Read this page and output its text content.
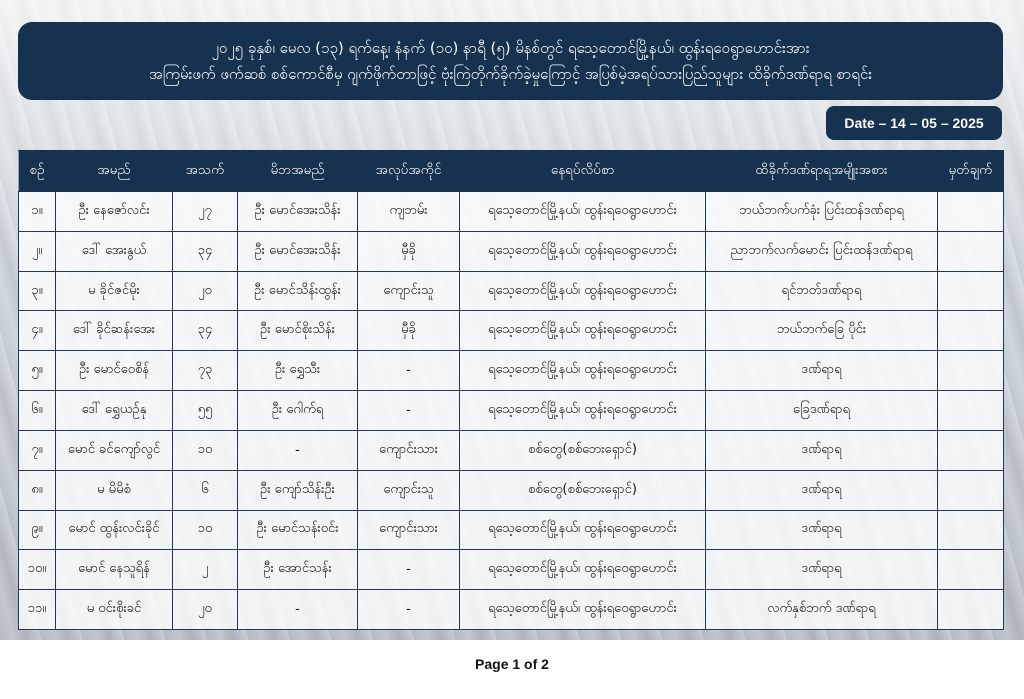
၂၀၂၅ ခုနှစ်၊ မေလ (၁၃) ရက်နေ့၊ နံနက် (၁၀) နာရီ (၅) မိနစ်တွင် ရသေ့တောင်မြို့နယ်၊ ထွန်းရဝေရွာဟောင်းအား
အကြမ်းဖက် ဖက်ဆစ် စစ်ကောင်စီမှ ဂျက်ဖိုက်တာဖြင့် ဗုံးကြဲတိုက်ခိုက်ခဲ့မှုကြောင့် အပြစ်မဲ့အရပ်သားပြည်သူများ ထိခိုက်ဒဏ်ရာရ စာရင်း
Date – 14 – 05 – 2025
စဉ်	အမည်	အသက်	မိဘအမည်	အလုပ်အကိုင်	နေရပ်လိပ်စာ	ထိခိုက်ဒဏ်ရာရအမျိုးအစား	မှတ်ချက်
၁။	ဦး နေဇော်လင်း	၂၇	ဦး မောင်အေးသိန်း	ကျဘမ်း	ရသေ့တောင်မြို့နယ်၊ ထွန်းရဝေရွာဟောင်း	ဘယ်ဘက်ပက်ခုံး ပြင်းထန်ဒဏ်ရာရ	
၂။	ဒေါ် အေးနွယ်	၃၄	ဦး မောင်အေးသိန်း	မှီခို	ရသေ့တောင်မြို့နယ်၊ ထွန်းရဝေရွာဟောင်း	ညာဘက်လက်မောင်း ပြင်းထန်ဒဏ်ရာရ	
၃။	မ ခိုင်ဇင်မိုး	၂၀	ဦး မောင်သိန်းထွန်း	ကျောင်းသူ	ရသေ့တောင်မြို့နယ်၊ ထွန်းရဝေရွာဟောင်း	ရင်ဘတ်ဒဏ်ရာရ	
၄။	ဒေါ် ခိုင်ဆန်းအေး	၃၄	ဦး မောင်စိုးသိန်း	မှီခို	ရသေ့တောင်မြို့နယ်၊ ထွန်းရဝေရွာဟောင်း	ဘယ်ဘက်ခြေ ပိုင်း	
၅။	ဦး မောင်ဝေစိန်	၇၃	ဦး ရွှေသီး	-	ရသေ့တောင်မြို့နယ်၊ ထွန်းရဝေရွာဟောင်း	ဒဏ်ရာရ	
၆။	ဒေါ် ရွှေယဉ်နု	၅၅	ဦး ဂေါက်ရ	-	ရသေ့တောင်မြို့နယ်၊ ထွန်းရဝေရွာဟောင်း	ခြေဒဏ်ရာရ	
၇။	မောင် ခင်ကျော်လွင်	၁၀	-	ကျောင်းသား	စစ်တွေ(စစ်ဘေးရှောင်)	ဒဏ်ရာရ	
၈။	မ မိမိစံ	၆	ဦး ကျော်သိန်းဦး	ကျောင်းသူ	စစ်တွေ(စစ်ဘေးရှောင်)	ဒဏ်ရာရ	
၉။	မောင် ထွန်းလင်းခိုင်	၁၀	ဦး မောင်သန်းဝင်း	ကျောင်းသား	ရသေ့တောင်မြို့နယ်၊ ထွန်းရဝေရွာဟောင်း	ဒဏ်ရာရ	
၁၀။	မောင် နေသူရိန်	၂	ဦး အောင်သန်း	-	ရသေ့တောင်မြို့နယ်၊ ထွန်းရဝေရွာဟောင်း	ဒဏ်ရာရ	
၁၁။	မ ဝင်းစိုးခင်	၂၀	-	-	ရသေ့တောင်မြို့နယ်၊ ထွန်းရဝေရွာဟောင်း	လက်နှစ်ဘက် ဒဏ်ရာရ	
Page 1 of 2
